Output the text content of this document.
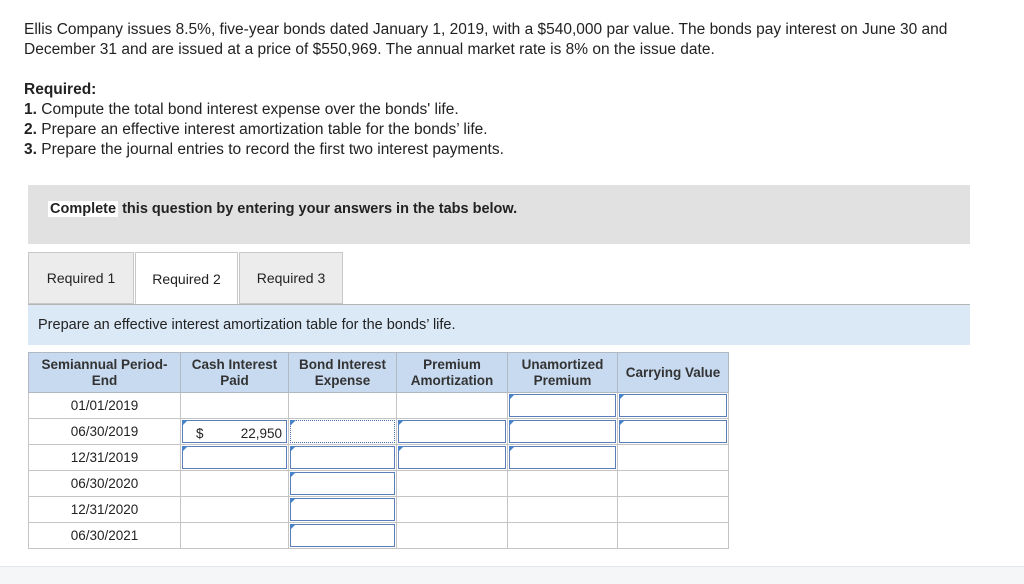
Ellis Company issues 8.5%, five-year bonds dated January 1, 2019, with a $540,000 par value. The bonds pay interest on June 30 and December 31 and are issued at a price of $550,969. The annual market rate is 8% on the issue date.
Required:
1. Compute the total bond interest expense over the bonds' life.
2. Prepare an effective interest amortization table for the bonds’ life.
3. Prepare the journal entries to record the first two interest payments.
Complete this question by entering your answers in the tabs below.
Required 1	Required 2	Required 3
Prepare an effective interest amortization table for the bonds’ life.
Semiannual Period-End	Cash Interest Paid	Bond Interest Expense	Premium Amortization	Unamortized Premium	Carrying Value
01/01/2019				

06/30/2019	$ 22,950				

12/31/2019	

06/30/2020		

12/31/2020		

06/30/2021		
